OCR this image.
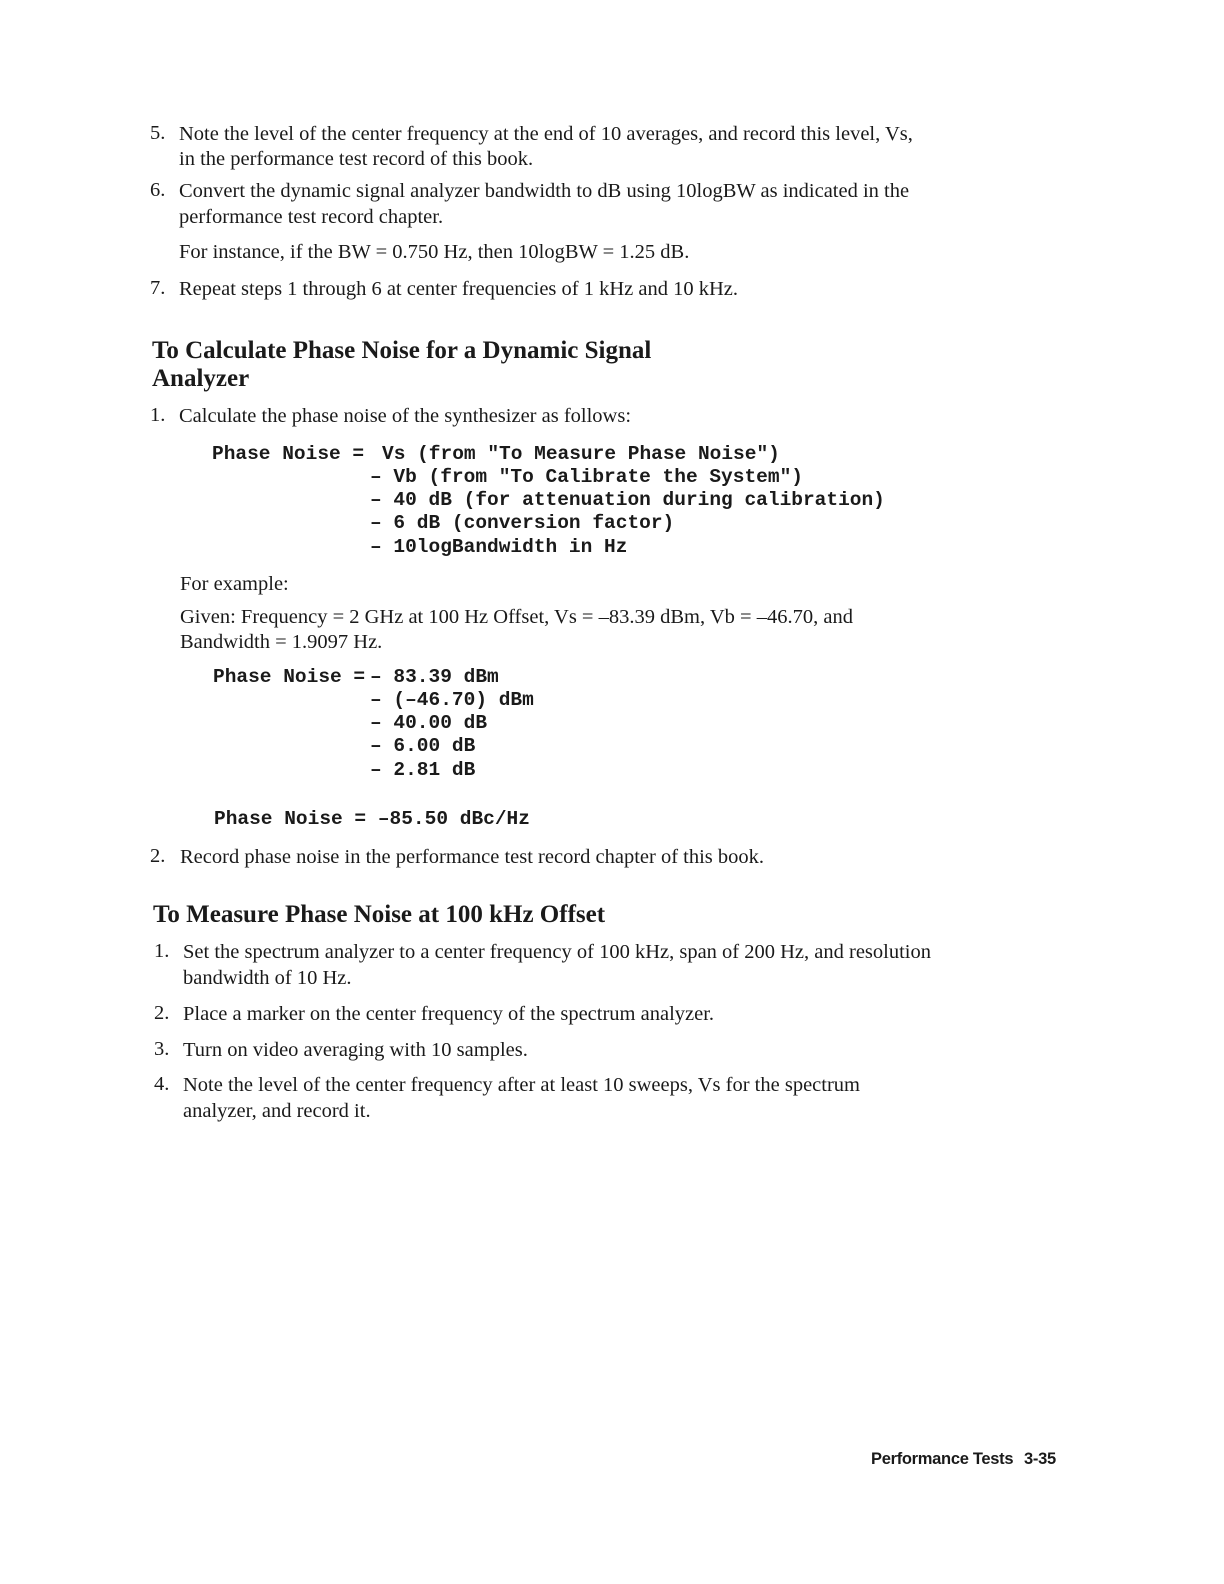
5. Note the level of the center frequency at the end of 10 averages, and record this level, Vs,
in the performance test record of this book.
6. Convert the dynamic signal analyzer bandwidth to dB using 10logBW as indicated in the
performance test record chapter.
For instance, if the BW = 0.750 Hz, then 10logBW = 1.25 dB.
7. Repeat steps 1 through 6 at center frequencies of 1 kHz and 10 kHz.
To Calculate Phase Noise for a Dynamic Signal
Analyzer
1. Calculate the phase noise of the synthesizer as follows:
Phase Noise = Vs (from "To Measure Phase Noise")
– Vb (from "To Calibrate the System")
– 40 dB (for attenuation during calibration)
– 6 dB (conversion factor)
– 10logBandwidth in Hz
For example:
Given: Frequency = 2 GHz at 100 Hz Offset, Vs = –83.39 dBm, Vb = –46.70, and
Bandwidth = 1.9097 Hz.
Phase Noise = – 83.39 dBm
– (–46.70) dBm
– 40.00 dB
– 6.00 dB
– 2.81 dB
Phase Noise = –85.50 dBc/Hz
2. Record phase noise in the performance test record chapter of this book.
To Measure Phase Noise at 100 kHz Offset
1. Set the spectrum analyzer to a center frequency of 100 kHz, span of 200 Hz, and resolution
bandwidth of 10 Hz.
2. Place a marker on the center frequency of the spectrum analyzer.
3. Turn on video averaging with 10 samples.
4. Note the level of the center frequency after at least 10 sweeps, Vs for the spectrum
analyzer, and record it.
Performance Tests 3-35
